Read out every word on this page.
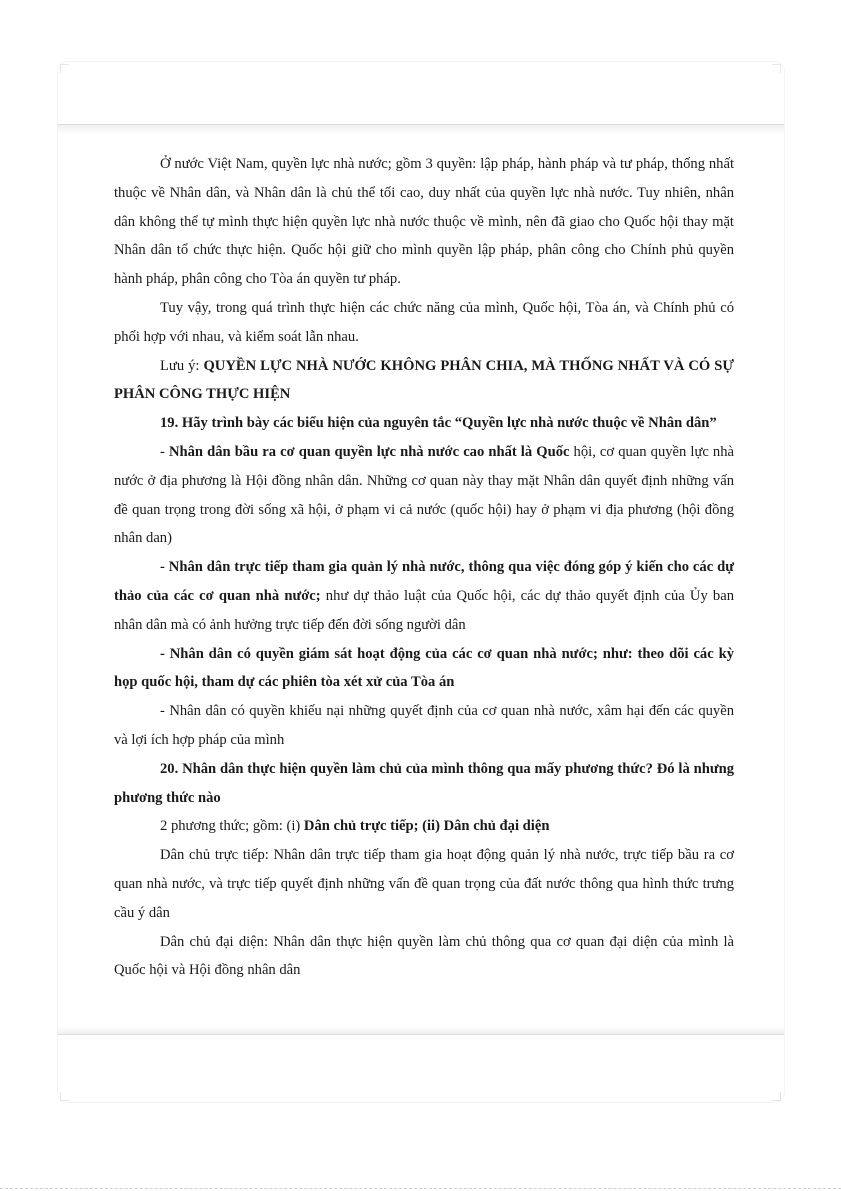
Ở nước Việt Nam, quyền lực nhà nước; gồm 3 quyền: lập pháp, hành pháp và tư pháp, thống nhất thuộc về Nhân dân, và Nhân dân là chủ thể tối cao, duy nhất của quyền lực nhà nước. Tuy nhiên, nhân dân không thể tự mình thực hiện quyền lực nhà nước thuộc về mình, nên đã giao cho Quốc hội thay mặt Nhân dân tổ chức thực hiện. Quốc hội giữ cho mình quyền lập pháp, phân công cho Chính phủ quyền hành pháp, phân công cho Tòa án quyền tư pháp.

Tuy vậy, trong quá trình thực hiện các chức năng của mình, Quốc hội, Tòa án, và Chính phủ có phối hợp với nhau, và kiểm soát lẫn nhau.

Lưu ý: QUYỀN LỰC NHÀ NƯỚC KHÔNG PHÂN CHIA, MÀ THỐNG NHẤT VÀ CÓ SỰ PHÂN CÔNG THỰC HIỆN

19. Hãy trình bày các biểu hiện của nguyên tắc “Quyền lực nhà nước thuộc về Nhân dân”

- Nhân dân bầu ra cơ quan quyền lực nhà nước cao nhất là Quốc hội, cơ quan quyền lực nhà nước ở địa phương là Hội đồng nhân dân. Những cơ quan này thay mặt Nhân dân quyết định những vấn đề quan trọng trong đời sống xã hội, ở phạm vi cả nước (quốc hội) hay ở phạm vi địa phương (hội đồng nhân dan)

- Nhân dân trực tiếp tham gia quản lý nhà nước, thông qua việc đóng góp ý kiến cho các dự thảo của các cơ quan nhà nước; như dự thảo luật của Quốc hội, các dự thảo quyết định của Ủy ban nhân dân mà có ảnh hưởng trực tiếp đến đời sống người dân

- Nhân dân có quyền giám sát hoạt động của các cơ quan nhà nước; như: theo dõi các kỳ họp quốc hội, tham dự các phiên tòa xét xử của Tòa án

- Nhân dân có quyền khiếu nại những quyết định của cơ quan nhà nước, xâm hại đến các quyền và lợi ích hợp pháp của mình

20. Nhân dân thực hiện quyền làm chủ của mình thông qua mấy phương thức? Đó là nhưng phương thức nào

2 phương thức; gồm: (i) Dân chủ trực tiếp; (ii) Dân chủ đại diện

Dân chủ trực tiếp: Nhân dân trực tiếp tham gia hoạt động quản lý nhà nước, trực tiếp bầu ra cơ quan nhà nước, và trực tiếp quyết định những vấn đề quan trọng của đất nước thông qua hình thức trưng cầu ý dân

Dân chủ đại diện: Nhân dân thực hiện quyền làm chủ thông qua cơ quan đại diện của mình là Quốc hội và Hội đồng nhân dân
